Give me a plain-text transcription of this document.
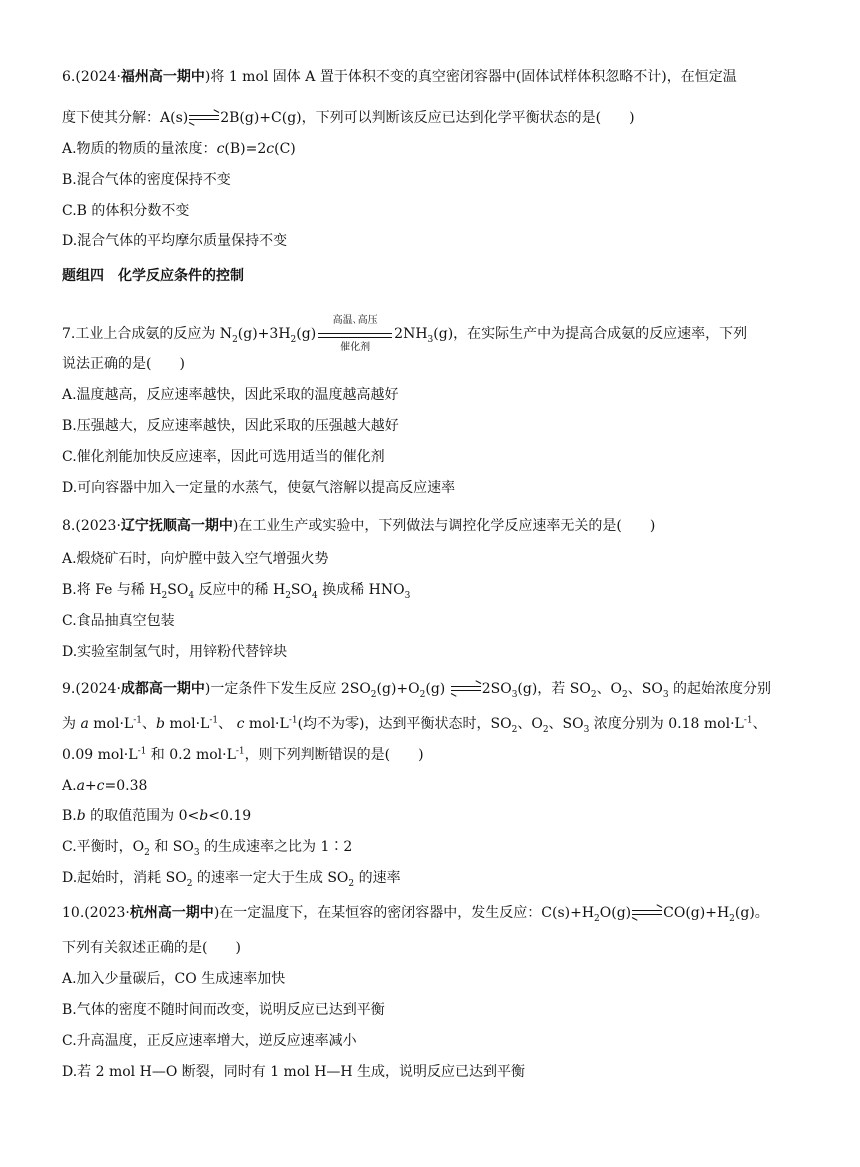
6.(2024·福州高一期中)将 1 mol 固体 A 置于体积不变的真空密闭容器中(固体试样体积忽略不计)，在恒定温
度下使其分解：A(s) 2B(g)+C(g)，下列可以判断该反应已达到化学平衡状态的是(　　)
A.物质的物质的量浓度：c(B)=2c(C)
B.混合气体的密度保持不变
C.B 的体积分数不变
D.混合气体的平均摩尔质量保持不变
题组四　化学反应条件的控制
7.工业上合成氨的反应为 $N_2(g)+3H_2(g)$
高温､高压
催化剂
$2NH_3(g)$，在实际生产中为提高合成氨的反应速率，下列
说法正确的是(　　)
A.温度越高，反应速率越快，因此采取的温度越高越好
B.压强越大，反应速率越快，因此采取的压强越大越好
C.催化剂能加快反应速率，因此可选用适当的催化剂
D.可向容器中加入一定量的水蒸气，使氨气溶解以提高反应速率
8.(2023·辽宁抚顺高一期中)在工业生产或实验中，下列做法与调控化学反应速率无关的是(　　)
A.煅烧矿石时，向炉膛中鼓入空气增强火势
B.将 Fe 与稀 $H_2SO_4$ 反应中的稀 $H_2SO_4$ 换成稀 $HNO_3$
C.食品抽真空包装
D.实验室制氢气时，用锌粉代替锌块
9.(2024·成都高一期中)一定条件下发生反应 $2SO_2(g)+O_2(g)$
$2SO_3(g)$，若 $SO_2$、$O_2$、$SO_3$ 的起始浓度分别
为 a $mol\cdot L^{-1}$、b $mol\cdot L^{-1}$、 c $mol\cdot L^{-1}$(均不为零)，达到平衡状态时，$SO_2$、$O_2$、$SO_3$ 浓度分别为 0.18 $mol\cdot L^{-1}$、
0.09 $mol\cdot L^{-1}$ 和 0.2 $mol\cdot L^{-1}$，则下列判断错误的是(　　)
A.a+c=0.38
B.b 的取值范围为 0<b<0.19
C.平衡时，$O_2$ 和 $SO_3$ 的生成速率之比为 1∶2
D.起始时，消耗 $SO_2$ 的速率一定大于生成 $SO_2$ 的速率
10.(2023·杭州高一期中)在一定温度下，在某恒容的密闭容器中，发生反应：$C(s)+H_2O(g)$ $CO(g)+H_2(g)$。
下列有关叙述正确的是(　　)
A.加入少量碳后，CO 生成速率加快
B.气体的密度不随时间而改变，说明反应已达到平衡
C.升高温度，正反应速率增大，逆反应速率减小
D.若 2 mol H—O 断裂，同时有 1 mol H—H 生成，说明反应已达到平衡
